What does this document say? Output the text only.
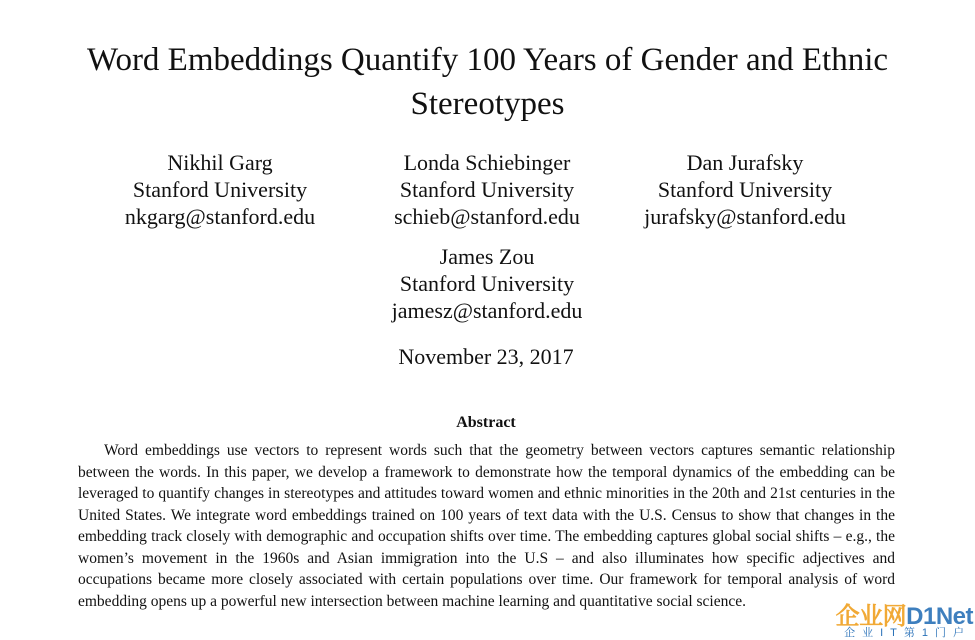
Word Embeddings Quantify 100 Years of Gender and Ethnic Stereotypes
Nikhil Garg
Stanford University
nkgarg@stanford.edu
Londa Schiebinger
Stanford University
schieb@stanford.edu
Dan Jurafsky
Stanford University
jurafsky@stanford.edu
James Zou
Stanford University
jamesz@stanford.edu
November 23, 2017
Abstract

Word embeddings use vectors to represent words such that the geometry between vectors captures semantic relationship between the words. In this paper, we develop a framework to demonstrate how the temporal dynamics of the embedding can be leveraged to quantify changes in stereotypes and attitudes toward women and ethnic minorities in the 20th and 21st centuries in the United States. We integrate word embeddings trained on 100 years of text data with the U.S. Census to show that changes in the embedding track closely with demographic and occupation shifts over time. The embedding captures global social shifts – e.g., the women’s movement in the 1960s and Asian immigration into the U.S – and also illuminates how specific adjectives and occupations became more closely associated with certain populations over time. Our framework for temporal analysis of word embedding opens up a powerful new intersection between machine learning and quantitative social science.

企业网D1Net
企业IT第1门户
